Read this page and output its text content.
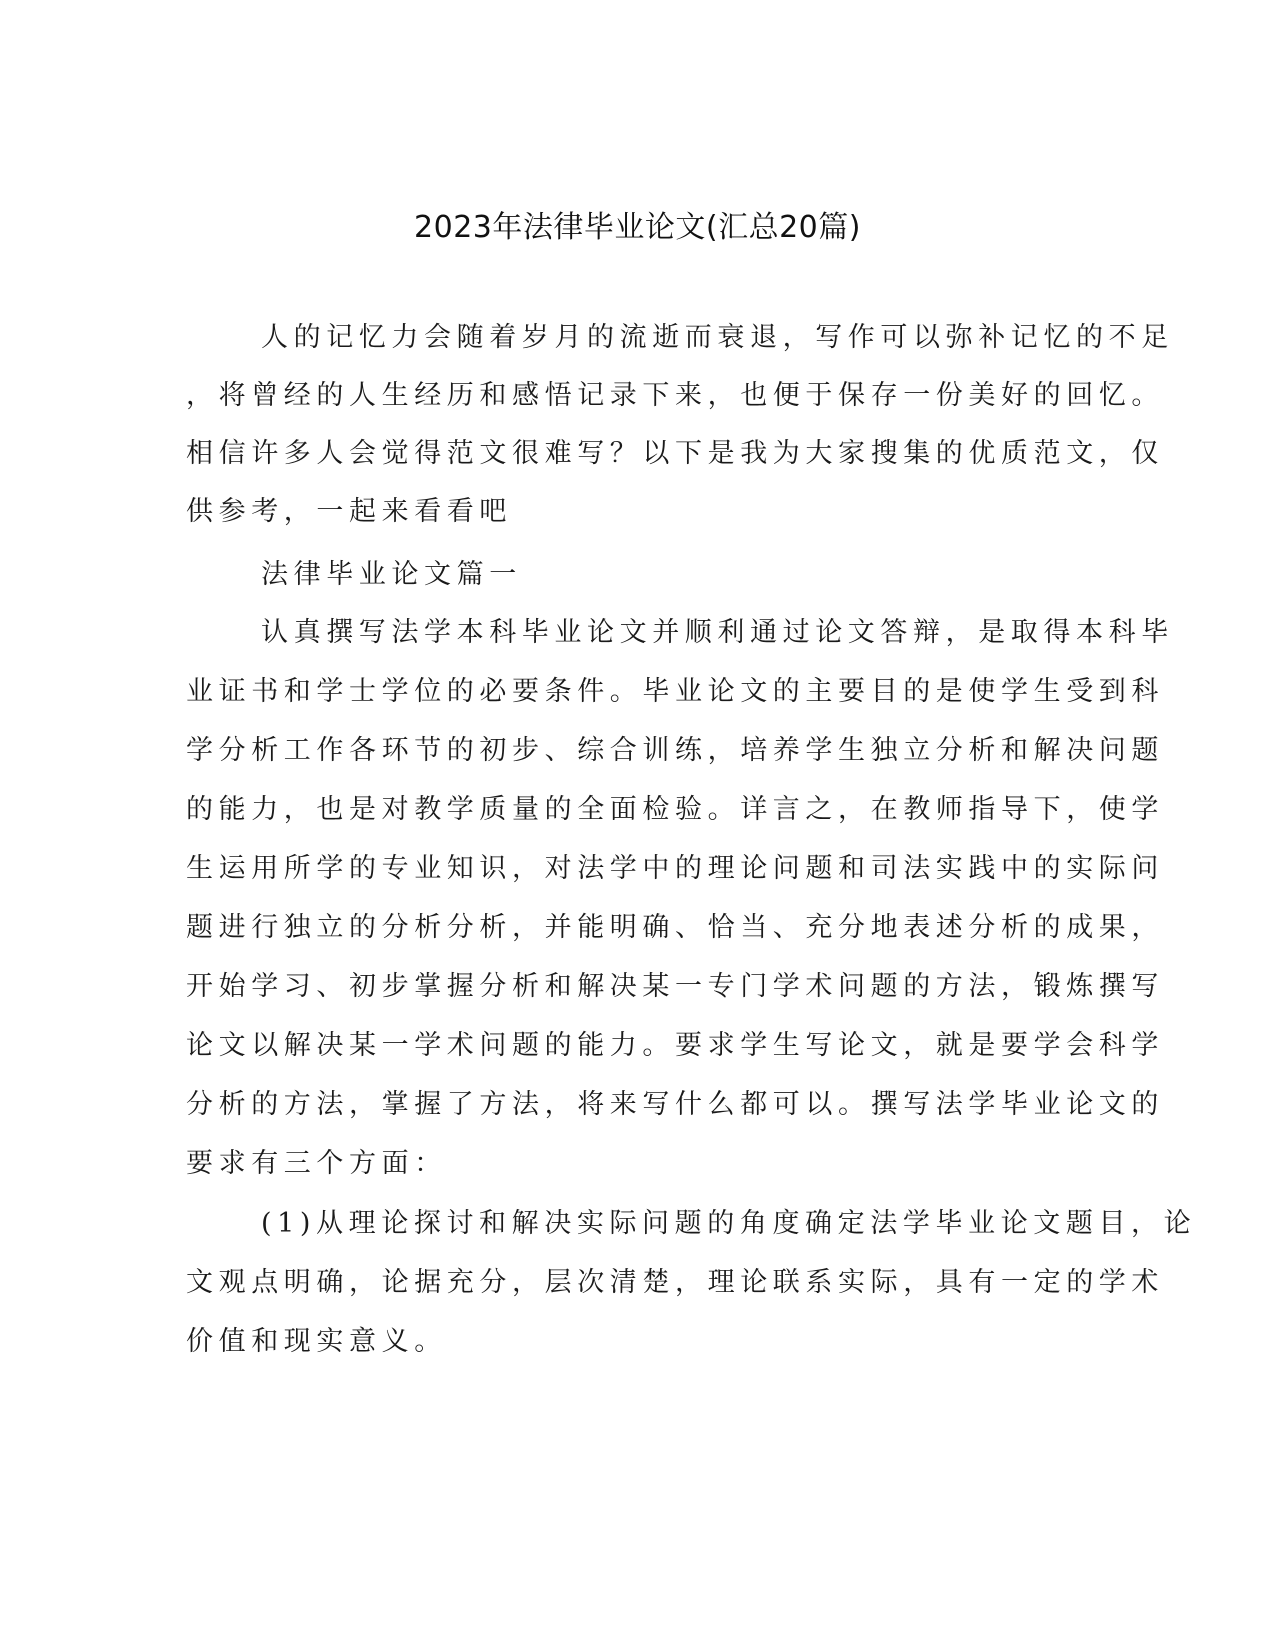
2023年法律毕业论文(汇总20篇)
人的记忆力会随着岁月的流逝而衰退，写作可以弥补记忆的不足
，将曾经的人生经历和感悟记录下来，也便于保存一份美好的回忆。
相信许多人会觉得范文很难写？以下是我为大家搜集的优质范文，仅
供参考，一起来看看吧
法律毕业论文篇一
认真撰写法学本科毕业论文并顺利通过论文答辩，是取得本科毕
业证书和学士学位的必要条件。毕业论文的主要目的是使学生受到科
学分析工作各环节的初步、综合训练，培养学生独立分析和解决问题
的能力，也是对教学质量的全面检验。详言之，在教师指导下，使学
生运用所学的专业知识，对法学中的理论问题和司法实践中的实际问
题进行独立的分析分析，并能明确、恰当、充分地表述分析的成果，
开始学习、初步掌握分析和解决某一专门学术问题的方法，锻炼撰写
论文以解决某一学术问题的能力。要求学生写论文，就是要学会科学
分析的方法，掌握了方法，将来写什么都可以。撰写法学毕业论文的
要求有三个方面：
(1)从理论探讨和解决实际问题的角度确定法学毕业论文题目，论
文观点明确，论据充分，层次清楚，理论联系实际，具有一定的学术
价值和现实意义。
